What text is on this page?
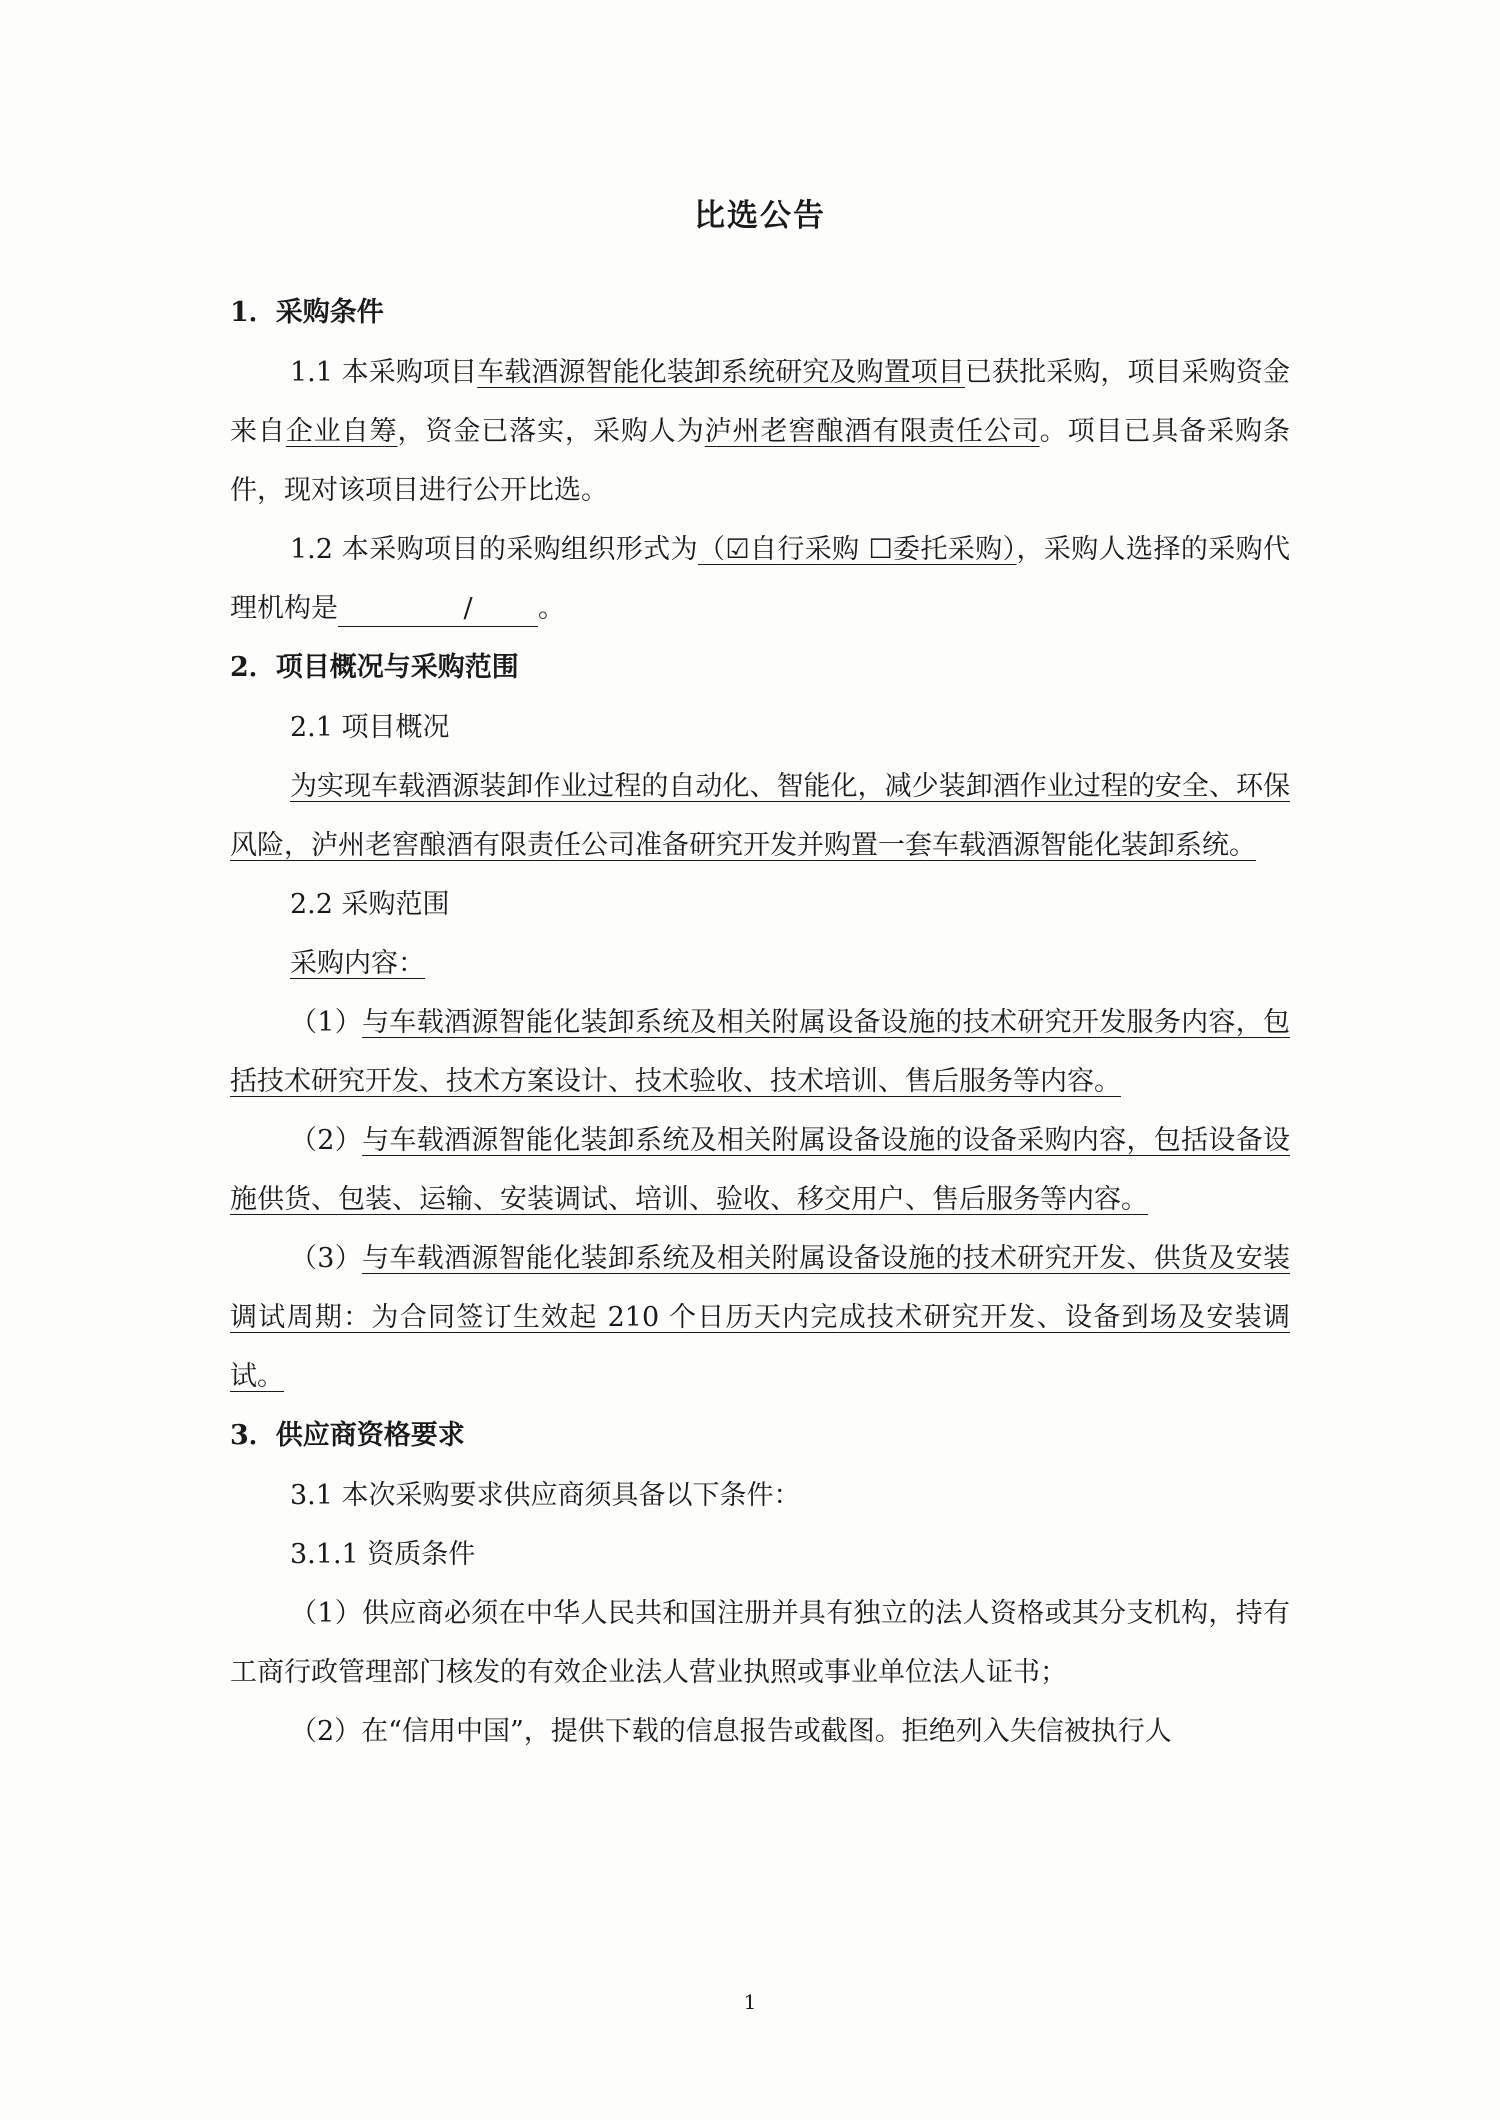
比选公告

1．采购条件

1.1 本采购项目车载酒源智能化装卸系统研究及购置项目已获批采购，项目采购资金来自企业自筹，资金已落实，采购人为泸州老窖酿酒有限责任公司。项目已具备采购条件，现对该项目进行公开比选。

1.2 本采购项目的采购组织形式为（☑自行采购 ☐委托采购），采购人选择的采购代理机构是	/ 。

2．项目概况与采购范围

2.1 项目概况

为实现车载酒源装卸作业过程的自动化、智能化，减少装卸酒作业过程的安全、环保风险，泸州老窖酿酒有限责任公司准备研究开发并购置一套车载酒源智能化装卸系统。

2.2 采购范围

采购内容：

（1）与车载酒源智能化装卸系统及相关附属设备设施的技术研究开发服务内容，包括技术研究开发、技术方案设计、技术验收、技术培训、售后服务等内容。

（2）与车载酒源智能化装卸系统及相关附属设备设施的设备采购内容，包括设备设施供货、包装、运输、安装调试、培训、验收、移交用户、售后服务等内容。

（3）与车载酒源智能化装卸系统及相关附属设备设施的技术研究开发、供货及安装调试周期：为合同签订生效起 210 个日历天内完成技术研究开发、设备到场及安装调试。

3．供应商资格要求

3.1 本次采购要求供应商须具备以下条件：

3.1.1 资质条件

（1）供应商必须在中华人民共和国注册并具有独立的法人资格或其分支机构，持有工商行政管理部门核发的有效企业法人营业执照或事业单位法人证书；

（2）在“信用中国”，提供下载的信息报告或截图。拒绝列入失信被执行人

1
